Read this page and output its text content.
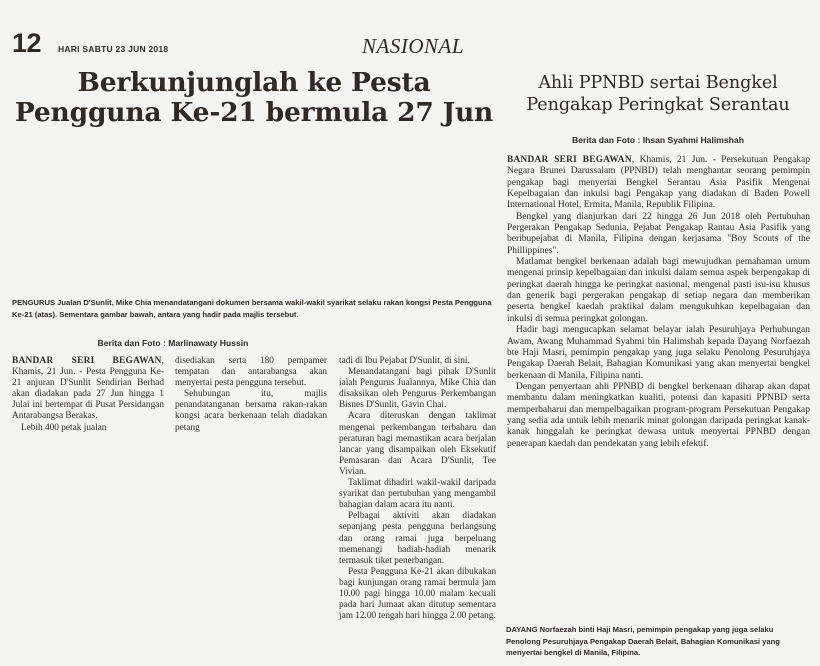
12 HARI SABTU 23 JUN 2018	NASIONAL
Berkunjunglah ke Pesta Pengguna Ke-21 bermula 27 Jun
PENGURUS Jualan D'Sunlit, Mike Chia menandatangani dokumen bersama wakil-wakil syarikat selaku rakan kongsi Pesta Pengguna Ke-21 (atas). Sementara gambar bawah, antara yang hadir pada majlis tersebut.
Berita dan Foto : Marlinawaty Hussin

BANDAR SERI BEGAWAN, Khamis, 21 Jun. - Pesta Pengguna Ke-21 anjuran D'Sunlit Sendirian Berhad akan diadakan pada 27 Jun hingga 1 Julai ini bertempat di Pusat Persidangan Antarabangsa Berakas.

Lebih 400 petak jualan

disediakan serta 180 pempamer tempatan dan antarabangsa akan menyertai pesta pengguna tersebut.

Sehubungan itu, majlis penandatanganan bersama rakan-rakan kongsi acara berkenaan telah diadakan petang

tadi di Ibu Pejabat D'Sunlit, di sini.

Menandatangani bagi pihak D'Sunlit ialah Pengurus Jualannya, Mike Chia dan disaksikan oleh Pengurus Perkembangan Bisnes D'Sunlit, Gavin Chai.

Acara diteruskan dengan taklimat mengenai perkembangan terbaharu dan peraturan bagi memastikan acara berjalan lancar yang disampaikan oleh Eksekutif Pemasaran dan Acara D'Sunlit, Tee Vivian.

Taklimat dihadiri wakil-wakil daripada syarikat dan pertubuhan yang mengambil bahagian dalam acara itu nanti.

Pelbagai aktiviti akan diadakan sepanjang pesta pengguna berlangsung dan orang ramai juga berpeluang memenangi hadiah-hadiah menarik termasuk tiket penerbangan.

Pesta Pengguna Ke-21 akan dibukakan bagi kunjungan orang ramai bermula jam 10.00 pagi hingga 10.00 malam kecuali pada hari Jumaat akan ditutup sementara jam 12.00 tengah hari hingga 2.00 petang.

Ahli PPNBD sertai Bengkel Pengakap Peringkat Serantau
Berita dan Foto : Ihsan Syahmi Halimshah

BANDAR SERI BEGAWAN, Khamis, 21 Jun. - Persekutuan Pengakap Negara Brunei Darussalam (PPNBD) telah menghantar seorang pemimpin pengakap bagi menyertai Bengkel Serantau Asia Pasifik Mengenai Kepelbagaian dan inkulsi bagi Pengakap yang diadakan di Baden Powell International Hotel, Ermita, Manila, Republik Filipina.

Bengkel yang dianjurkan dari 22 hingga 26 Jun 2018 oleh Pertubuhan Pergerakan Pengakap Sedunia, Pejabat Pengakap Rantau Asia Pasifik yang beribupejabat di Manila, Filipina dengan kerjasama "Boy Scouts of the Phillippines".

Matlamat bengkel berkenaan adalah bagi mewujudkan pemahaman umum mengenai prinsip kepelbagaian dan inkulsi dalam semua aspek berpengakap di peringkat daerah hingga ke peringkat nasional, mengenal pasti isu-isu khusus dan generik bagi pergerakan pengakap di setiap negara dan memberikan peserta bengkel kaedah praktikal dalam mengukuhkan kepelbagaian dan inkulsi di semua peringkat golongan.

Hadir bagi mengucapkan selamat belayar ialah Pesuruhjaya Perhubungan Awam, Awang Muhammad Syahmi bin Halimshah kepada Dayang Norfaezah bte Haji Masri, pemimpin pengakap yang juga selaku Penolong Pesuruhjaya Pengakap Daerah Belait, Bahagian Komunikasi yang akan menyertai bengkel berkenaan di Manila, Filipina nanti.

Dengan penyertaan ahli PPNBD di bengkel berkenaan diharap akan dapat membantu dalam meningkatkan kualiti, potensi dan kapasiti PPNBD serta memperbaharui dan mempelbagaikan program-program Persekutuan Pengakap yang sedia ada untuk lebih menarik minat golongan daripada peringkat kanak-kanak hinggalah ke peringkat dewasa untuk menyertai PPNBD dengan penerapan kaedah dan pendekatan yang lebih efektif.

DAYANG Norfaezah binti Haji Masri, pemimpin pengakap yang juga selaku Penolong Pesuruhjaya Pengakap Daerah Belait, Bahagian Komunikasi yang menyertai bengkel di Manila, Filipina.
